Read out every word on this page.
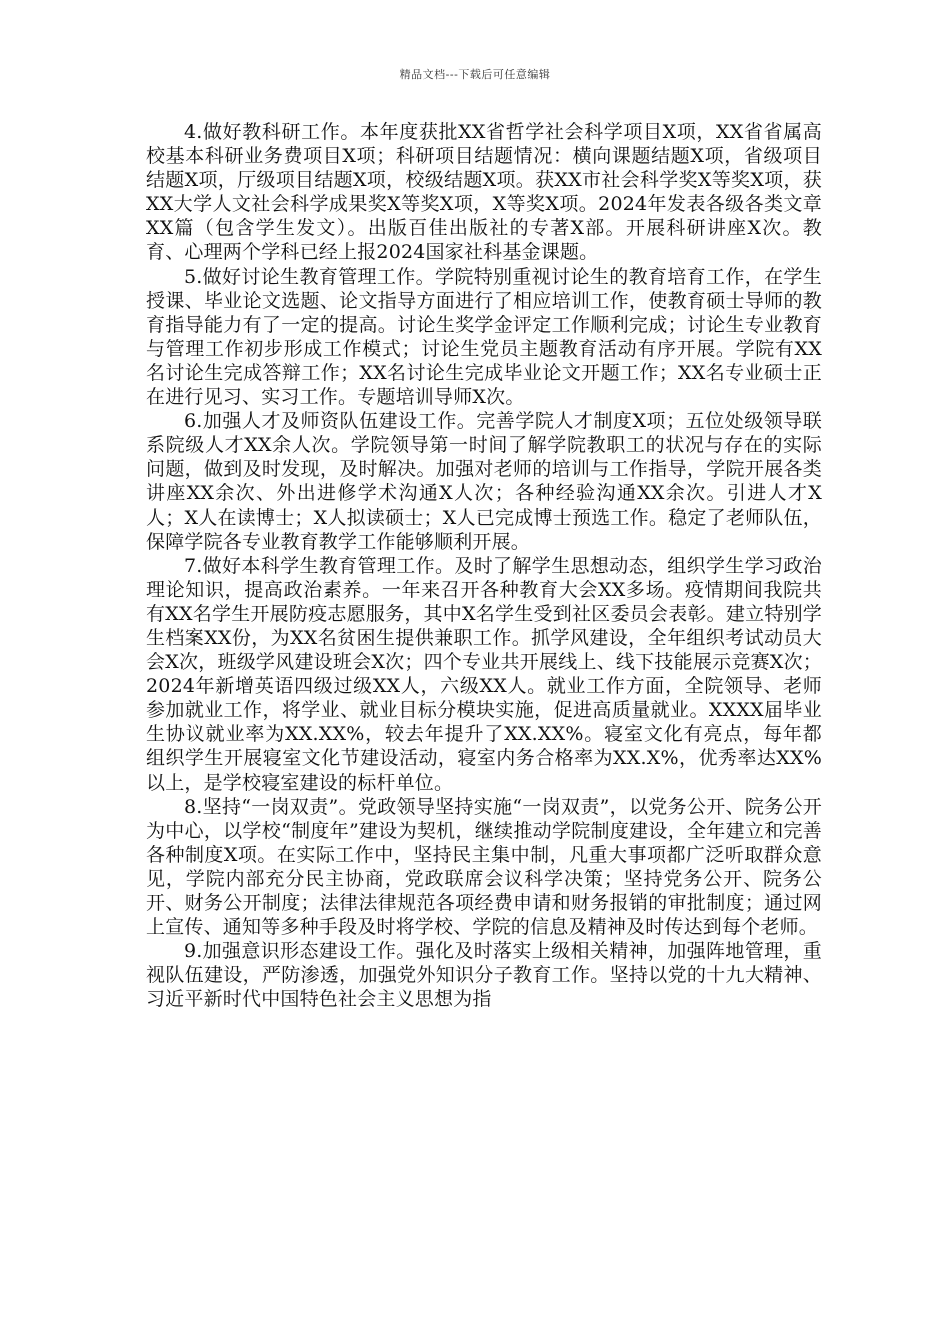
精品文档---下载后可任意编辑

4.做好教科研工作。本年度获批XX省哲学社会科学项目X项，XX省省属高校基本科研业务费项目X项；科研项目结题情况：横向课题结题X项，省级项目结题X项，厅级项目结题X项，校级结题X项。获XX市社会科学奖X等奖X项，获XX大学人文社会科学成果奖X等奖X项，X等奖X项。2024年发表各级各类文章XX篇（包含学生发文）。出版百佳出版社的专著X部。开展科研讲座X次。教育、心理两个学科已经上报2024国家社科基金课题。

5.做好讨论生教育管理工作。学院特别重视讨论生的教育培育工作，在学生授课、毕业论文选题、论文指导方面进行了相应培训工作，使教育硕士导师的教育指导能力有了一定的提高。讨论生奖学金评定工作顺利完成；讨论生专业教育与管理工作初步形成工作模式；讨论生党员主题教育活动有序开展。学院有XX名讨论生完成答辩工作；XX名讨论生完成毕业论文开题工作；XX名专业硕士正在进行见习、实习工作。专题培训导师X次。

6.加强人才及师资队伍建设工作。完善学院人才制度X项；五位处级领导联系院级人才XX余人次。学院领导第一时间了解学院教职工的状况与存在的实际问题，做到及时发现，及时解决。加强对老师的培训与工作指导，学院开展各类讲座XX余次、外出进修学术沟通X人次；各种经验沟通XX余次。引进人才X人；X人在读博士；X人拟读硕士；X人已完成博士预选工作。稳定了老师队伍，保障学院各专业教育教学工作能够顺利开展。

7.做好本科学生教育管理工作。及时了解学生思想动态，组织学生学习政治理论知识，提高政治素养。一年来召开各种教育大会XX多场。疫情期间我院共有XX名学生开展防疫志愿服务，其中X名学生受到社区委员会表彰。建立特别学生档案XX份，为XX名贫困生提供兼职工作。抓学风建设，全年组织考试动员大会X次，班级学风建设班会X次；四个专业共开展线上、线下技能展示竞赛X次；2024年新增英语四级过级XX人，六级XX人。就业工作方面，全院领导、老师参加就业工作，将学业、就业目标分模块实施，促进高质量就业。XXXX届毕业生协议就业率为XX.XX%，较去年提升了XX.XX%。寝室文化有亮点，每年都组织学生开展寝室文化节建设活动，寝室内务合格率为XX.X%，优秀率达XX%以上，是学校寝室建设的标杆单位。

8.坚持“一岗双责”。党政领导坚持实施“一岗双责”，以党务公开、院务公开为中心，以学校“制度年”建设为契机，继续推动学院制度建设，全年建立和完善各种制度X项。在实际工作中，坚持民主集中制，凡重大事项都广泛听取群众意见，学院内部充分民主协商，党政联席会议科学决策；坚持党务公开、院务公开、财务公开制度；法律法律规范各项经费申请和财务报销的审批制度；通过网上宣传、通知等多种手段及时将学校、学院的信息及精神及时传达到每个老师。

9.加强意识形态建设工作。强化及时落实上级相关精神，加强阵地管理，重视队伍建设，严防渗透，加强党外知识分子教育工作。坚持以党的十九大精神、习近平新时代中国特色社会主义思想为指
